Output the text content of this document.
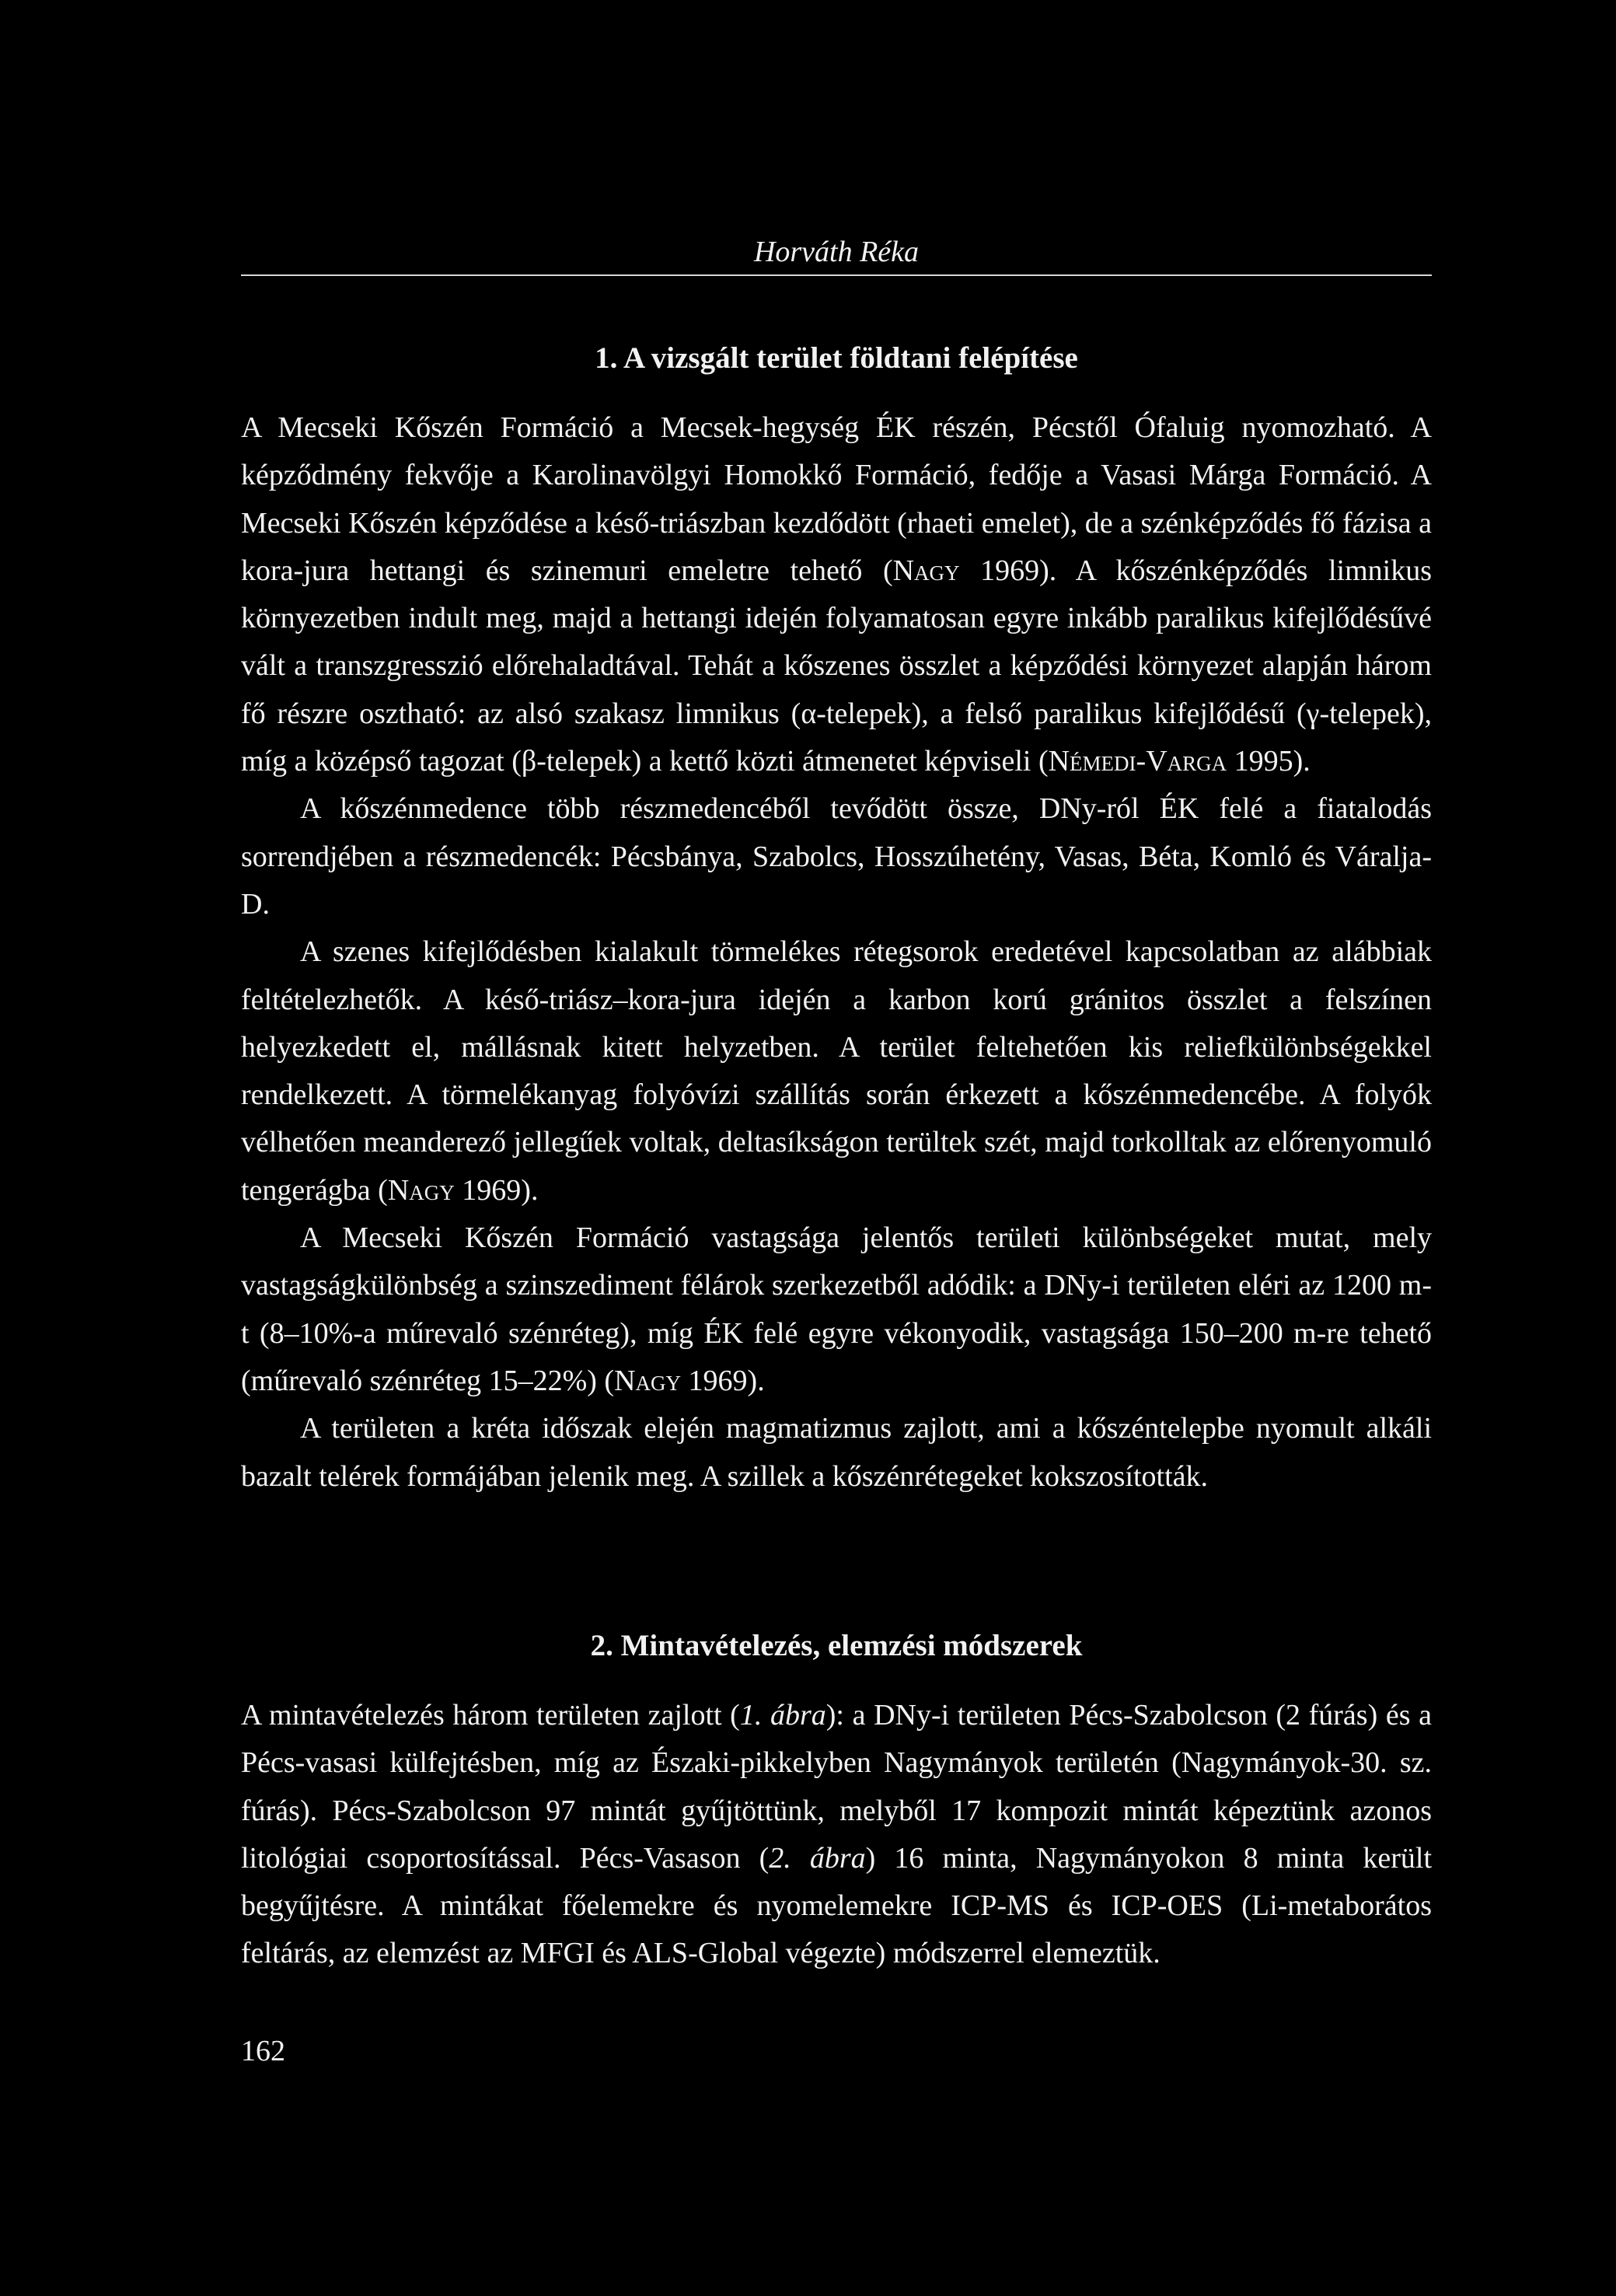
Horváth Réka
1. A vizsgált terület földtani felépítése

A Mecseki Kőszén Formáció a Mecsek-hegység ÉK részén, Pécstől Ófaluig nyomozható. A képződmény fekvője a Karolinavölgyi Homokkő Formáció, fedője a Vasasi Márga Formáció. A Mecseki Kőszén képződése a késő-triászban kezdődött (rhaeti emelet), de a szénképződés fő fázisa a kora-jura hettangi és szinemuri emeletre tehető (Nagy 1969). A kőszénképződés limnikus környezetben indult meg, majd a hettangi idején folyamatosan egyre inkább paralikus kifejlődésűvé vált a transzgresszió előrehaladtával. Tehát a kőszenes összlet a képződési környezet alapján három fő részre osztható: az alsó szakasz limnikus (α-telepek), a felső paralikus kifejlődésű (γ-telepek), míg a középső tagozat (β-telepek) a kettő közti átmenetet képviseli (Némedi-Varga 1995).

A kőszénmedence több részmedencéből tevődött össze, DNy-ról ÉK felé a fiatalodás sorrendjében a részmedencék: Pécsbánya, Szabolcs, Hosszúhetény, Vasas, Béta, Komló és Váralja-D.

A szenes kifejlődésben kialakult törmelékes rétegsorok eredetével kapcsolatban az alábbiak feltételezhetők. A késő-triász–kora-jura idején a karbon korú gránitos összlet a felszínen helyezkedett el, mállásnak kitett helyzetben. A terület feltehetően kis reliefkülönbségekkel rendelkezett. A törmelékanyag folyóvízi szállítás során érkezett a kőszénmedencébe. A folyók vélhetően meanderező jellegűek voltak, deltasíkságon terültek szét, majd torkolltak az előrenyomuló tengerágba (Nagy 1969).

A Mecseki Kőszén Formáció vastagsága jelentős területi különbségeket mutat, mely vastagságkülönbség a szinszediment félárok szerkezetből adódik: a DNy-i területen eléri az 1200 m-t (8–10%-a műrevaló szénréteg), míg ÉK felé egyre vékonyodik, vastagsága 150–200 m-re tehető (műrevaló szénréteg 15–22%) (Nagy 1969).

A területen a kréta időszak elején magmatizmus zajlott, ami a kőszéntelepbe nyomult alkáli bazalt telérek formájában jelenik meg. A szillek a kőszénrétegeket kokszosították.

2. Mintavételezés, elemzési módszerek

A mintavételezés három területen zajlott (1. ábra): a DNy-i területen Pécs-Szabolcson (2 fúrás) és a Pécs-vasasi külfejtésben, míg az Északi-pikkelyben Nagymányok területén (Nagymányok-30. sz. fúrás). Pécs-Szabolcson 97 mintát gyűjtöttünk, melyből 17 kompozit mintát képeztünk azonos litológiai csoportosítással. Pécs-Vasason (2. ábra) 16 minta, Nagymányokon 8 minta került begyűjtésre. A mintákat főelemekre és nyomelemekre ICP-MS és ICP-OES (Li-metaborátos feltárás, az elemzést az MFGI és ALS-Global végezte) módszerrel elemeztük.

162
